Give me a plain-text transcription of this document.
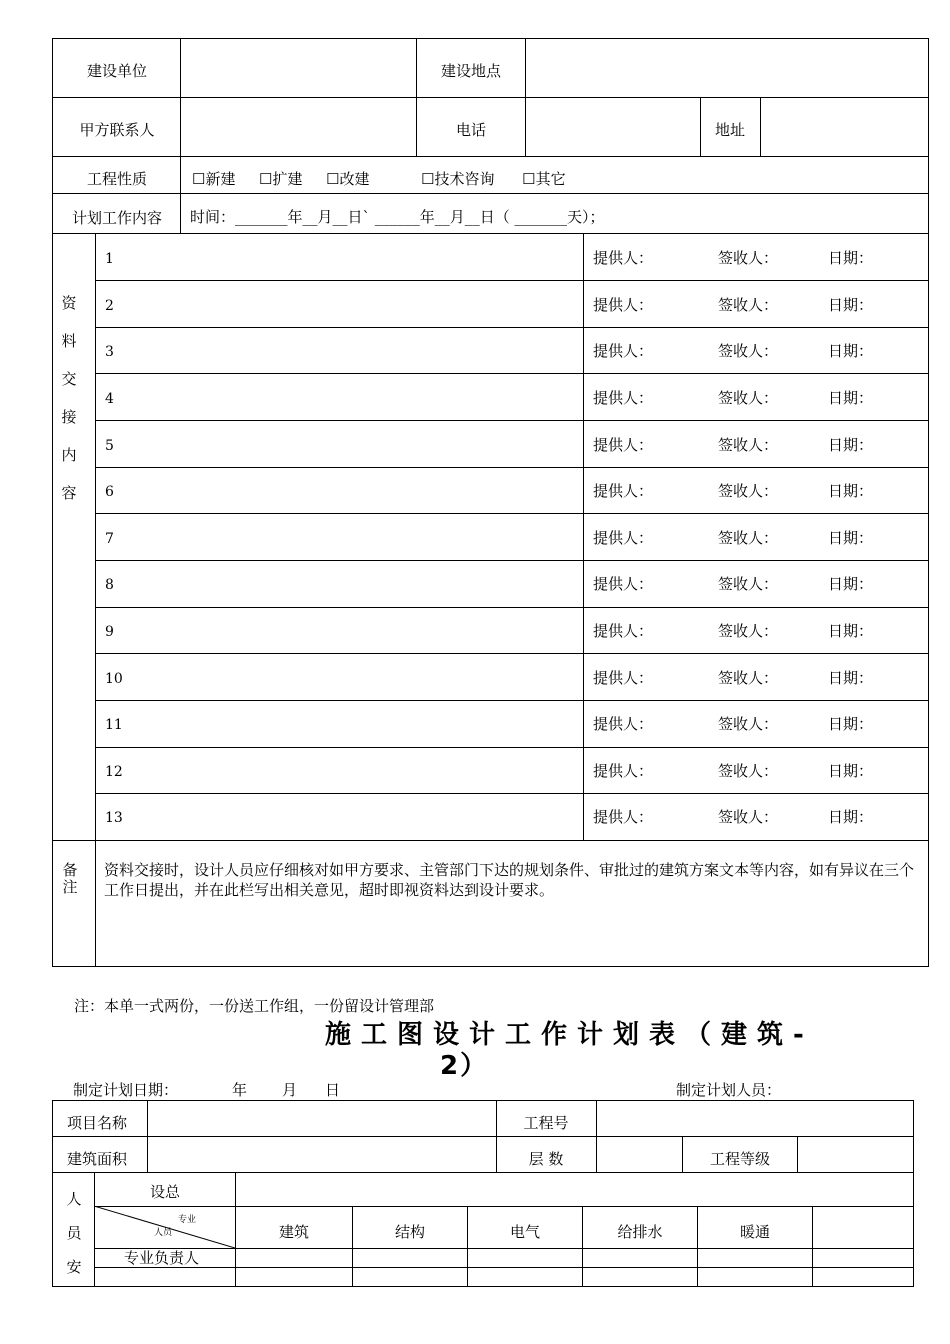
建设单位	建设地点
甲方联系人	电话	地址
工程性质	☐新建 ☐扩建 ☐改建	☐技术咨询 ☐其它
计划工作内容 时间：_______年__月__日` ______年__月__日（ _______天）；
资
料
交
接
内
容
1	提供人：	签收人：	日期：
2	提供人：	签收人：	日期：
3	提供人：	签收人：	日期：
4	提供人：	签收人：	日期：
5	提供人：	签收人：	日期：
6	提供人：	签收人：	日期：
7	提供人：	签收人：	日期：
8	提供人：	签收人：	日期：
9	提供人：	签收人：	日期：
10	提供人：	签收人：	日期：
11	提供人：	签收人：	日期：
12	提供人：	签收人：	日期：
13	提供人：	签收人：	日期：
备
注
资料交接时，设计人员应仔细核对如甲方要求、主管部门下达的规划条件、审批过的建筑方案文本等内容，如有异议在三个工作日提出，并在此栏写出相关意见，超时即视资料达到设计要求。
注：本单一式两份，一份送工作组，一份留设计管理部
施工图设计工作计划表（建筑-
2）
制定计划日期：	年 月 日	制定计划人员：
项目名称	工程号
建筑面积	层 数	工程等级
人
员
安
设总
专业
人员	建筑	结构	电气	给排水	暖通
专业负责人
